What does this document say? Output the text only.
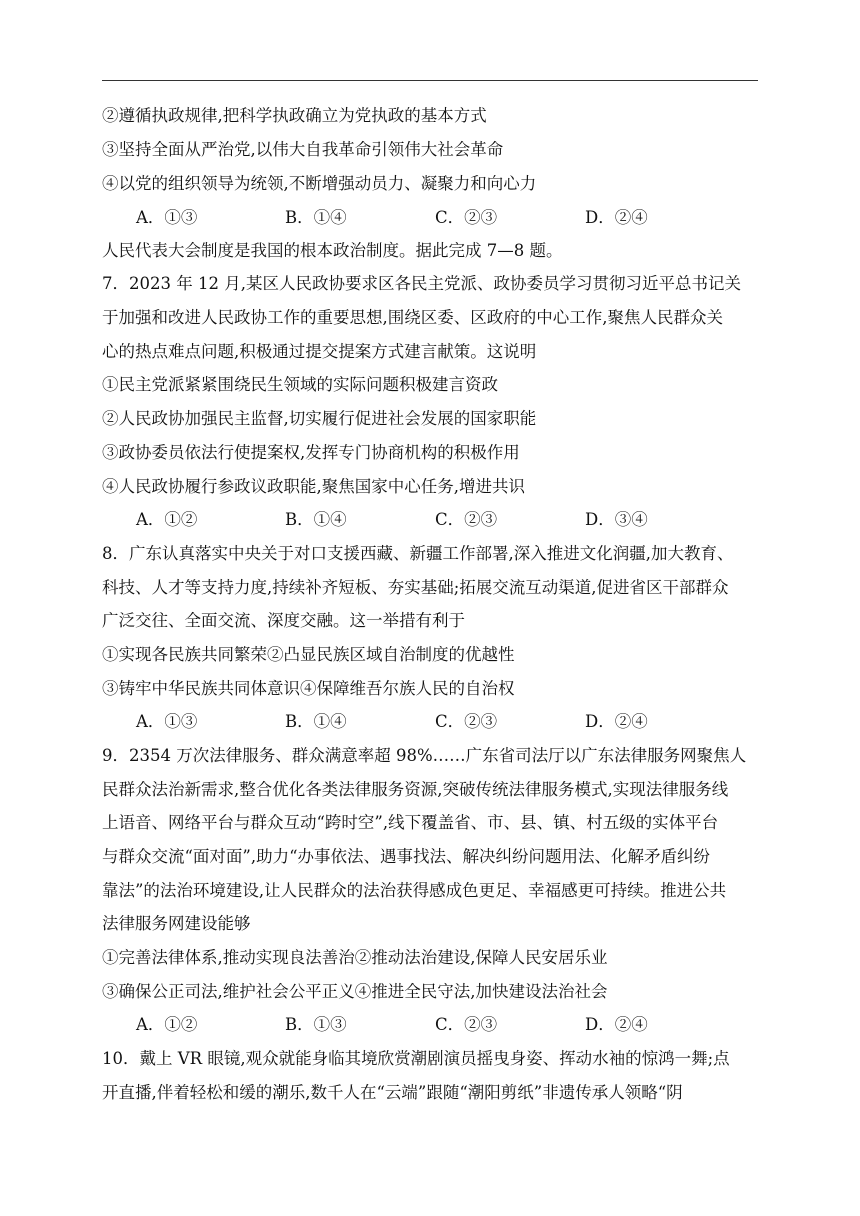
②遵循执政规律,把科学执政确立为党执政的基本方式
③坚持全面从严治党,以伟大自我革命引领伟大社会革命
④以党的组织领导为统领,不断增强动员力、凝聚力和向心力
A．①③	B．①④	C．②③	D．②④
人民代表大会制度是我国的根本政治制度。据此完成 7—8 题。
7．2023 年 12 月,某区人民政协要求区各民主党派、政协委员学习贯彻习近平总书记关
于加强和改进人民政协工作的重要思想,围绕区委、区政府的中心工作,聚焦人民群众关
心的热点难点问题,积极通过提交提案方式建言献策。这说明
①民主党派紧紧围绕民生领域的实际问题积极建言资政
②人民政协加强民主监督,切实履行促进社会发展的国家职能
③政协委员依法行使提案权,发挥专门协商机构的积极作用
④人民政协履行参政议政职能,聚焦国家中心任务,增进共识
A．①②	B．①④	C．②③	D．③④
8．广东认真落实中央关于对口支援西藏、新疆工作部署,深入推进文化润疆,加大教育、
科技、人才等支持力度,持续补齐短板、夯实基础;拓展交流互动渠道,促进省区干部群众
广泛交往、全面交流、深度交融。这一举措有利于
①实现各民族共同繁荣②凸显民族区域自治制度的优越性
③铸牢中华民族共同体意识④保障维吾尔族人民的自治权
A．①③	B．①④	C．②③	D．②④
9．2354 万次法律服务、群众满意率超 98%……广东省司法厅以广东法律服务网聚焦人
民群众法治新需求,整合优化各类法律服务资源,突破传统法律服务模式,实现法律服务线
上语音、网络平台与群众互动“跨时空”,线下覆盖省、市、县、镇、村五级的实体平台
与群众交流“面对面”,助力“办事依法、遇事找法、解决纠纷问题用法、化解矛盾纠纷
靠法”的法治环境建设,让人民群众的法治获得感成色更足、幸福感更可持续。推进公共
法律服务网建设能够
①完善法律体系,推动实现良法善治②推动法治建设,保障人民安居乐业
③确保公正司法,维护社会公平正义④推进全民守法,加快建设法治社会
A．①②	B．①③	C．②③	D．②④
10．戴上 VR 眼镜,观众就能身临其境欣赏潮剧演员摇曳身姿、挥动水袖的惊鸿一舞;点
开直播,伴着轻松和缓的潮乐,数千人在“云端”跟随“潮阳剪纸”非遗传承人领略“阴
